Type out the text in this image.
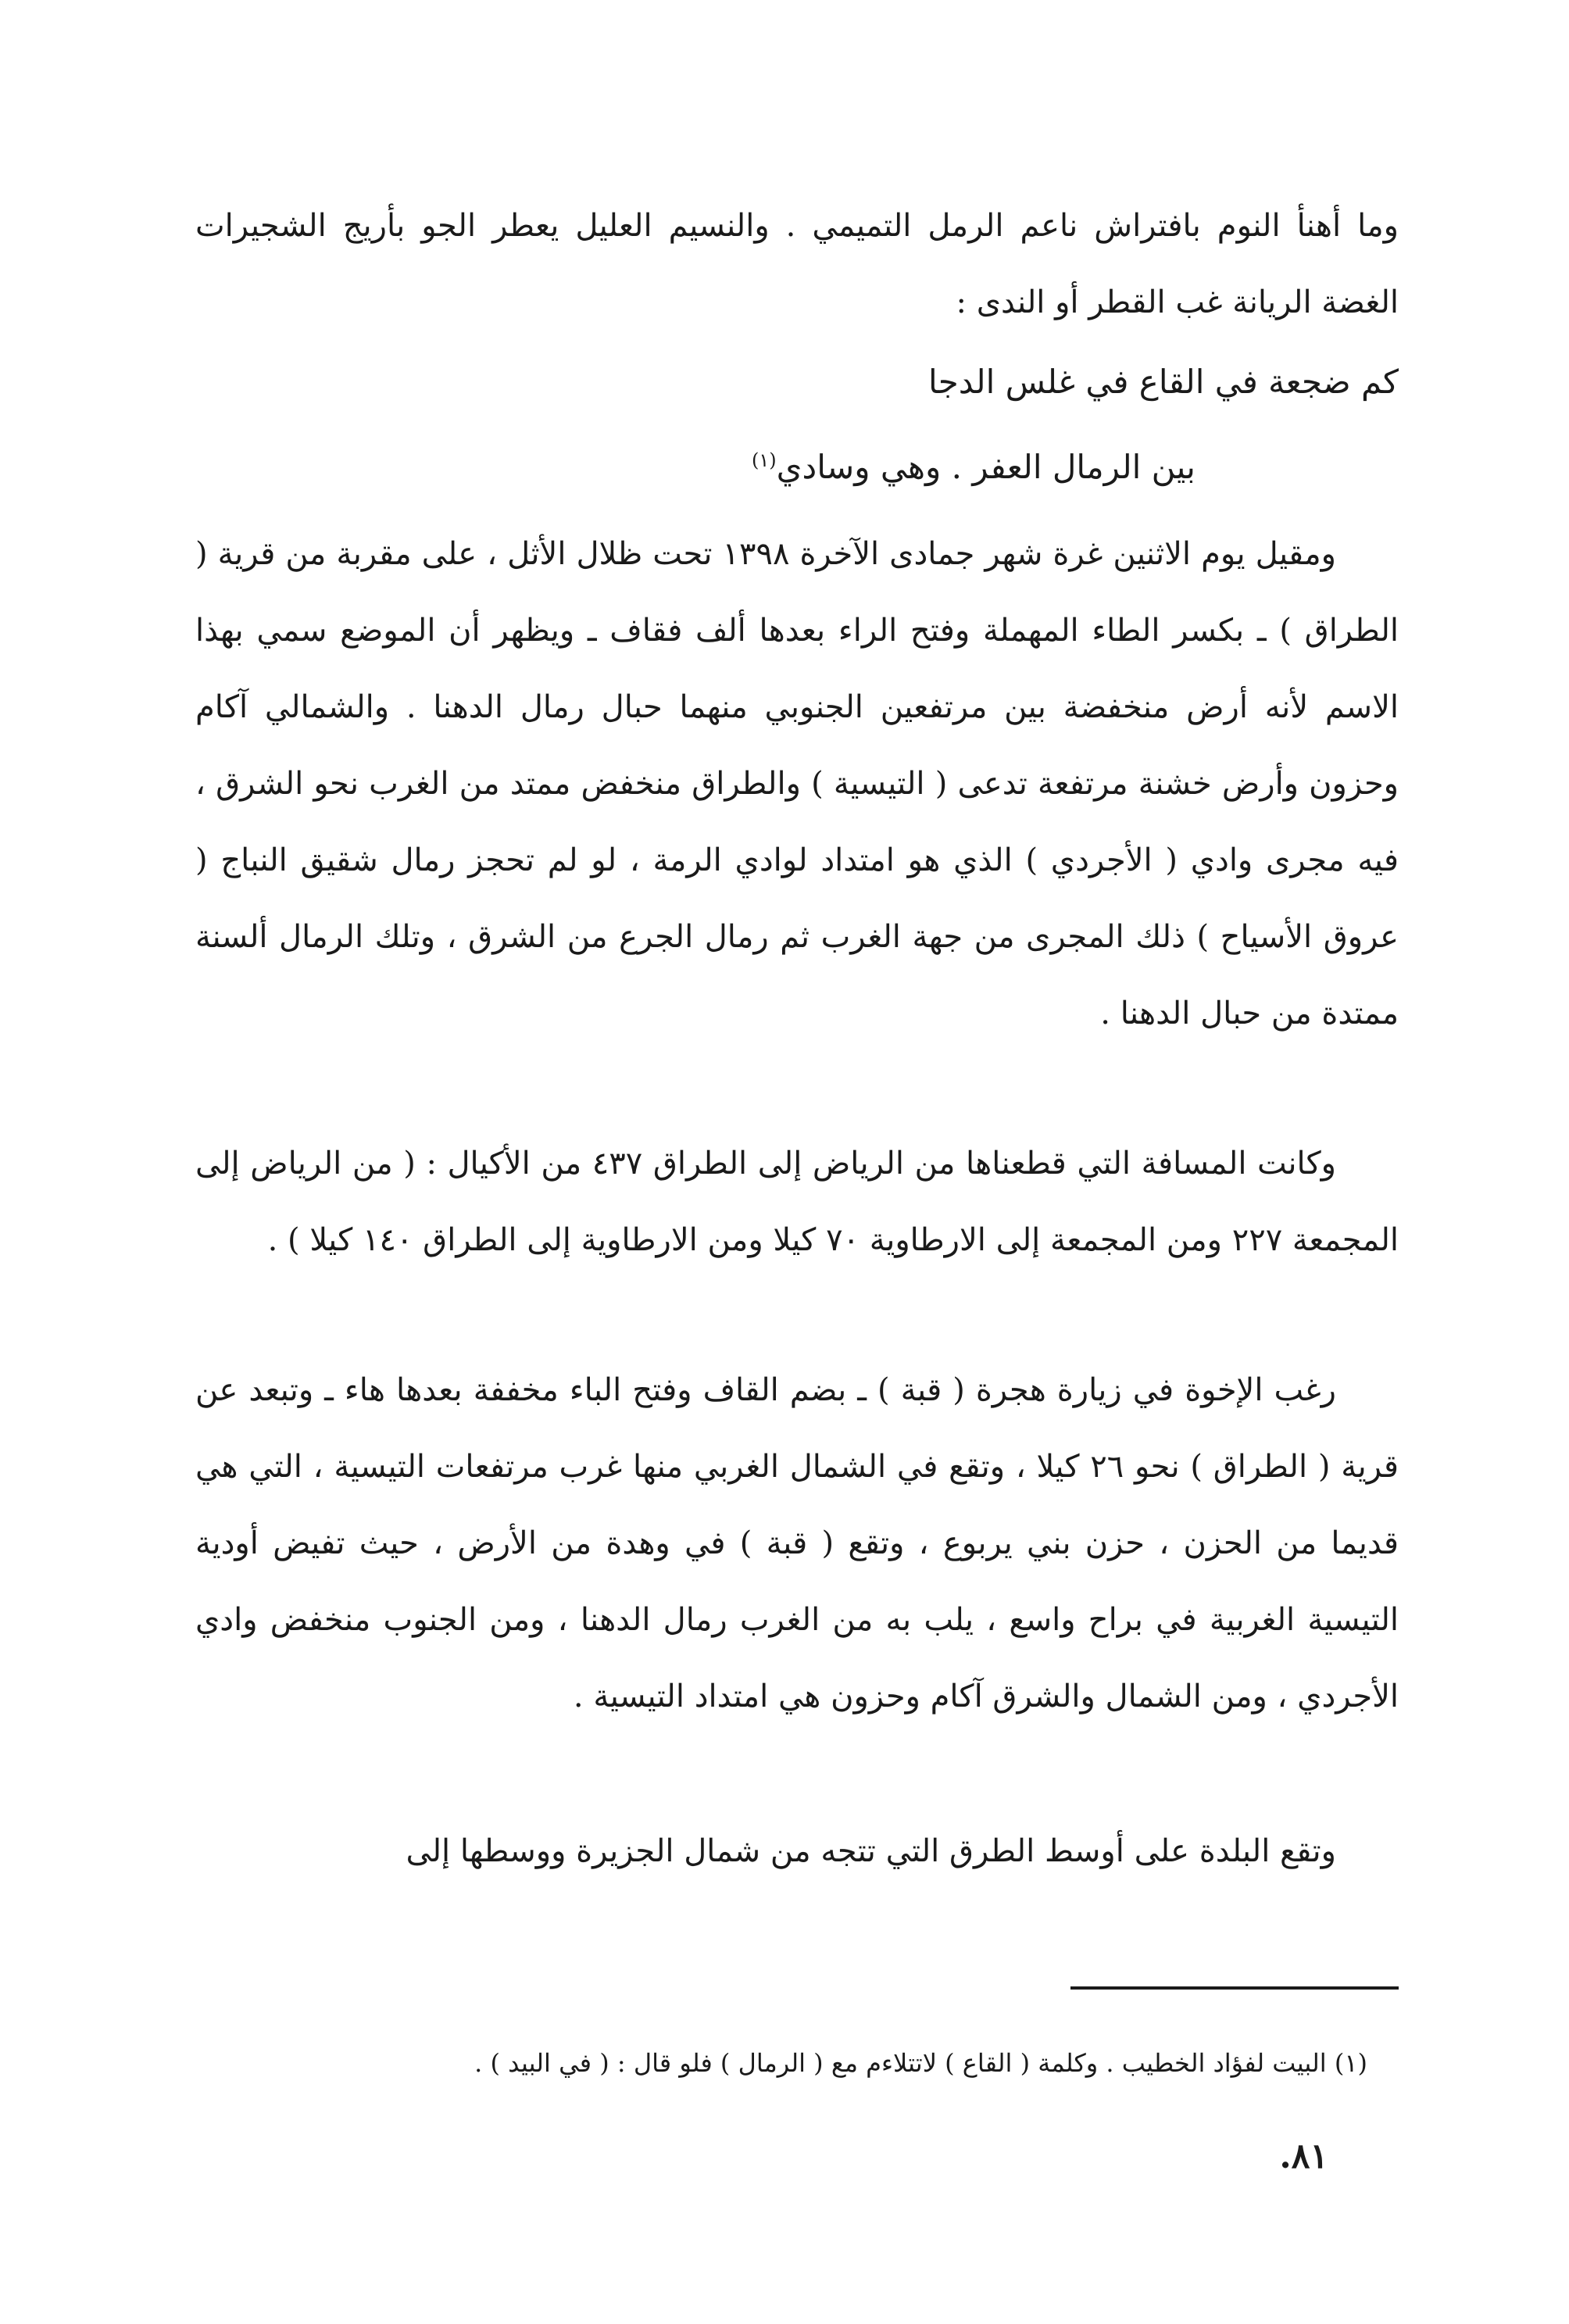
وما أهنأ النوم بافتراش ناعم الرمل التميمي . والنسيم العليل يعطر الجو بأريج الشجيرات الغضة الريانة غب القطر أو الندى :
كم ضجعة في القاع في غلس الدجا
بين الرمال العفر . وهي وسادي$^{(١)}$
ومقيل يوم الاثنين غرة شهر جمادى الآخرة ١٣٩٨ تحت ظلال الأثل ، على مقربة من قرية ( الطراق ) ـ بكسر الطاء المهملة وفتح الراء بعدها ألف فقاف ـ ويظهر أن الموضع سمي بهذا الاسم لأنه أرض منخفضة بين مرتفعين الجنوبي منهما حبال رمال الدهنا . والشمالي آكام وحزون وأرض خشنة مرتفعة تدعى ( التيسية ) والطراق منخفض ممتد من الغرب نحو الشرق ، فيه مجرى وادي ( الأجردي ) الذي هو امتداد لوادي الرمة ، لو لم تحجز رمال شقيق النباج ( عروق الأسياح ) ذلك المجرى من جهة الغرب ثم رمال الجرع من الشرق ، وتلك الرمال ألسنة ممتدة من حبال الدهنا .
وكانت المسافة التي قطعناها من الرياض إلى الطراق ٤٣٧ من الأكيال : ( من الرياض إلى المجمعة ٢٢٧ ومن المجمعة إلى الارطاوية ٧٠ كيلا ومن الارطاوية إلى الطراق ١٤٠ كيلا ) .
رغب الإخوة في زيارة هجرة ( قبة ) ـ بضم القاف وفتح الباء مخففة بعدها هاء ـ وتبعد عن قرية ( الطراق ) نحو ٢٦ كيلا ، وتقع في الشمال الغربي منها غرب مرتفعات التيسية ، التي هي قديما من الحزن ، حزن بني يربوع ، وتقع ( قبة ) في وهدة من الأرض ، حيث تفيض أودية التيسية الغربية في براح واسع ، يلب به من الغرب رمال الدهنا ، ومن الجنوب منخفض وادي الأجردي ، ومن الشمال والشرق آكام وحزون هي امتداد التيسية .
وتقع البلدة على أوسط الطرق التي تتجه من شمال الجزيرة ووسطها إلى
(١) البيت لفؤاد الخطيب . وكلمة ( القاع ) لاتتلاءم مع ( الرمال ) فلو قال : ( في البيد ) .
٨١.
